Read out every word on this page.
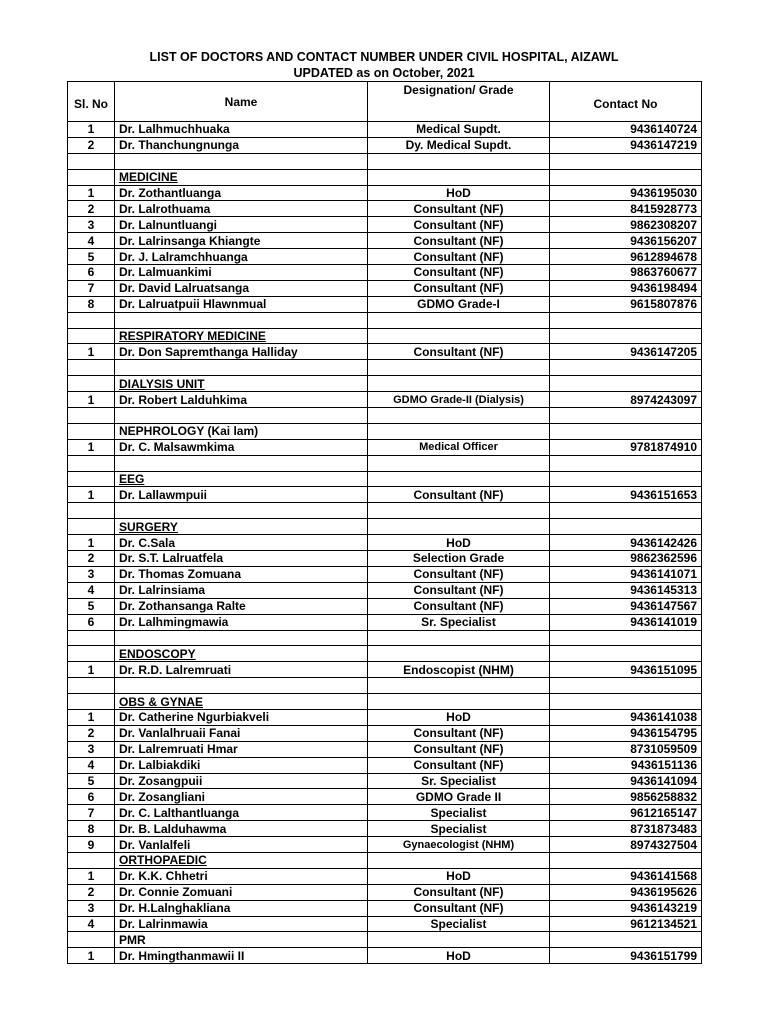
LIST OF DOCTORS AND CONTACT NUMBER UNDER CIVIL HOSPITAL, AIZAWL
UPDATED as on October, 2021
Sl. No	Name	Designation/ Grade	Contact No
1	Dr. Lalhmuchhuaka	Medical Supdt.	9436140724
2	Dr. Thanchungnunga	Dy. Medical Supdt.	9436147219

	MEDICINE		
1	Dr. Zothantluanga	HoD	9436195030
2	Dr. Lalrothuama	Consultant (NF)	8415928773
3	Dr. Lalnuntluangi	Consultant (NF)	9862308207
4	Dr. Lalrinsanga Khiangte	Consultant (NF)	9436156207
5	Dr. J. Lalramchhuanga	Consultant (NF)	9612894678
6	Dr. Lalmuankimi	Consultant (NF)	9863760677
7	Dr. David Lalruatsanga	Consultant (NF)	9436198494
8	Dr. Lalruatpuii Hlawnmual	GDMO Grade-I	9615807876

	RESPIRATORY MEDICINE		
1	Dr. Don Sapremthanga Halliday	Consultant (NF)	9436147205

	DIALYSIS UNIT		
1	Dr. Robert Lalduhkima	GDMO Grade-II (Dialysis)	8974243097

	NEPHROLOGY (Kai lam)		
1	Dr. C. Malsawmkima	Medical Officer	9781874910

	EEG		
1	Dr. Lallawmpuii	Consultant (NF)	9436151653

	SURGERY		
1	Dr. C.Sala	HoD	9436142426
2	Dr. S.T. Lalruatfela	Selection Grade	9862362596
3	Dr. Thomas Zomuana	Consultant (NF)	9436141071
4	Dr. Lalrinsiama	Consultant (NF)	9436145313
5	Dr. Zothansanga Ralte	Consultant (NF)	9436147567
6	Dr. Lalhmingmawia	Sr. Specialist	9436141019

	ENDOSCOPY		
1	Dr. R.D. Lalremruati	Endoscopist (NHM)	9436151095

	OBS & GYNAE		
1	Dr. Catherine Ngurbiakveli	HoD	9436141038
2	Dr. Vanlalhruaii Fanai	Consultant (NF)	9436154795
3	Dr. Lalremruati Hmar	Consultant (NF)	8731059509
4	Dr. Lalbiakdiki	Consultant (NF)	9436151136
5	Dr. Zosangpuii	Sr. Specialist	9436141094
6	Dr. Zosangliani	GDMO Grade II	9856258832
7	Dr. C. Lalthantluanga	Specialist	9612165147
8	Dr. B. Lalduhawma	Specialist	8731873483
9	Dr. Vanlalfeli	Gynaecologist (NHM)	8974327504
	ORTHOPAEDIC		
1	Dr. K.K. Chhetri	HoD	9436141568
2	Dr. Connie Zomuani	Consultant (NF)	9436195626
3	Dr. H.Lalnghakliana	Consultant (NF)	9436143219
4	Dr. Lalrinmawia	Specialist	9612134521
	PMR		
1	Dr. Hmingthanmawii II	HoD	9436151799
